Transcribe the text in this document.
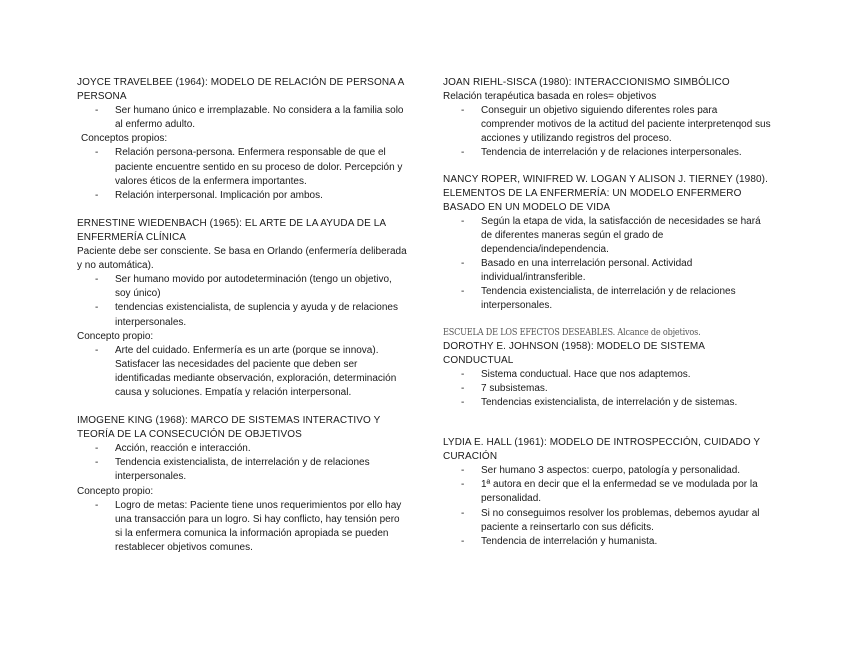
JOYCE TRAVELBEE (1964): MODELO DE RELACIÓN DE PERSONA A PERSONA
- Ser humano único e irremplazable. No considera a la familia solo al enfermo adulto.
Conceptos propios:
- Relación persona-persona. Enfermera responsable de que el paciente encuentre sentido en su proceso de dolor. Percepción y valores éticos de la enfermera importantes.
- Relación interpersonal. Implicación por ambos.
ERNESTINE WIEDENBACH (1965): EL ARTE DE LA AYUDA DE LA ENFERMERÍA CLÍNICA
Paciente debe ser consciente. Se basa en Orlando (enfermería deliberada y no automática).
- Ser humano movido por autodeterminación (tengo un objetivo, soy único)
- tendencias existencialista, de suplencia y ayuda y de relaciones interpersonales.
Concepto propio:
- Arte del cuidado. Enfermería es un arte (porque se innova). Satisfacer las necesidades del paciente que deben ser identificadas mediante observación, exploración, determinación causa y soluciones. Empatía y relación interpersonal.
IMOGENE KING (1968): MARCO DE SISTEMAS INTERACTIVO Y TEORÍA DE LA CONSECUCIÓN DE OBJETIVOS
- Acción, reacción e interacción.
- Tendencia existencialista, de interrelación y de relaciones interpersonales.
Concepto propio:
- Logro de metas: Paciente tiene unos requerimientos por ello hay una transacción para un logro. Si hay conflicto, hay tensión pero si la enfermera comunica la información apropiada se pueden restablecer objetivos comunes.
JOAN RIEHL-SISCA (1980): INTERACCIONISMO SIMBÓLICO
Relación terapéutica basada en roles= objetivos
- Conseguir un objetivo siguiendo diferentes roles para comprender motivos de la actitud del paciente interpretenqod sus acciones y utilizando registros del proceso.
- Tendencia de interrelación y de relaciones interpersonales.
NANCY ROPER, WINIFRED W. LOGAN Y ALISON J. TIERNEY (1980). ELEMENTOS DE LA ENFERMERÍA: UN MODELO ENFERMERO BASADO EN UN MODELO DE VIDA
- Según la etapa de vida, la satisfacción de necesidades se hará de diferentes maneras según el grado de dependencia/independencia.
- Basado en una interrelación personal. Actividad individual/intransferible.
- Tendencia existencialista, de interrelación y de relaciones interpersonales.
ESCUELA DE LOS EFECTOS DESEABLES. Alcance de objetivos.
DOROTHY E. JOHNSON (1958): MODELO DE SISTEMA CONDUCTUAL
- Sistema conductual. Hace que nos adaptemos.
- 7 subsistemas.
- Tendencias existencialista, de interrelación y de sistemas.
LYDIA E. HALL (1961): MODELO DE INTROSPECCIÓN, CUIDADO Y CURACIÓN
- Ser humano 3 aspectos: cuerpo, patología y personalidad.
- 1ª autora en decir que el la enfermedad se ve modulada por la personalidad.
- Si no conseguimos resolver los problemas, debemos ayudar al paciente a reinsertarlo con sus déficits.
- Tendencia de interrelación y humanista.
